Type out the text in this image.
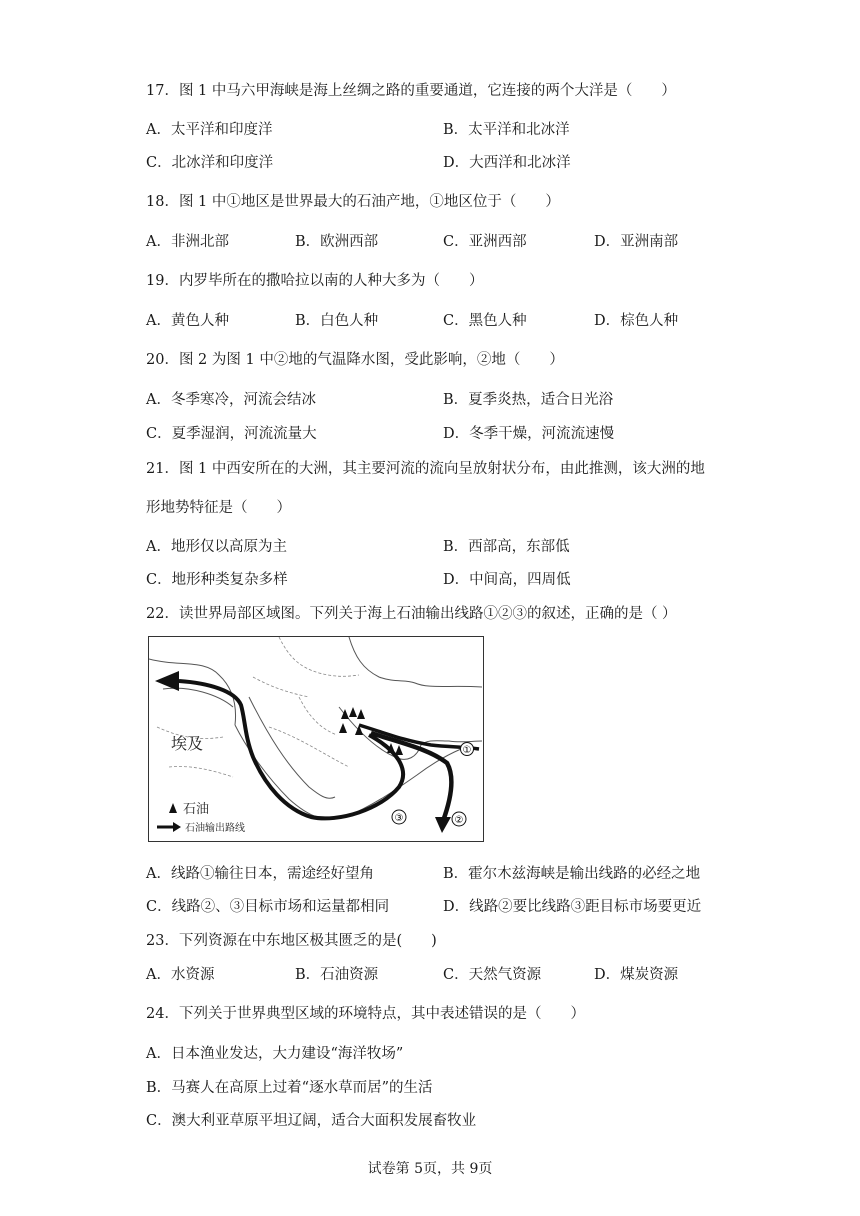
17．图 1 中马六甲海峡是海上丝绸之路的重要通道，它连接的两个大洋是（　　）
A．太平洋和印度洋	B．太平洋和北冰洋
C．北冰洋和印度洋	D．大西洋和北冰洋
18．图 1 中①地区是世界最大的石油产地，①地区位于（　　）
A．非洲北部	B．欧洲西部	C．亚洲西部	D．亚洲南部
19．内罗毕所在的撒哈拉以南的人种大多为（　　）
A．黄色人种	B．白色人种	C．黑色人种	D．棕色人种
20．图 2 为图 1 中②地的气温降水图，受此影响，②地（　　）
A．冬季寒冷，河流会结冰	B．夏季炎热，适合日光浴
C．夏季湿润，河流流量大	D．冬季干燥，河流流速慢
21．图 1 中西安所在的大洲，其主要河流的流向呈放射状分布，由此推测，该大洲的地
形地势特征是（　　）
A．地形仅以高原为主	B．西部高，东部低
C．地形种类复杂多样	D．中间高，四周低
22．读世界局部区域图。下列关于海上石油输出线路①②③的叙述，正确的是（ ）
①
②
③
埃及
石油
石油输出路线
A．线路①输往日本，需途经好望角	B．霍尔木兹海峡是输出线路的必经之地
C．线路②、③目标市场和运量都相同	D．线路②要比线路③距目标市场要更近
23．下列资源在中东地区极其匮乏的是(　　)
A．水资源	B．石油资源	C．天然气资源	D．煤炭资源
24．下列关于世界典型区域的环境特点，其中表述错误的是（　　）
A．日本渔业发达，大力建设“海洋牧场”
B．马赛人在高原上过着“逐水草而居”的生活
C．澳大利亚草原平坦辽阔，适合大面积发展畜牧业
试卷第 5页，共 9页
